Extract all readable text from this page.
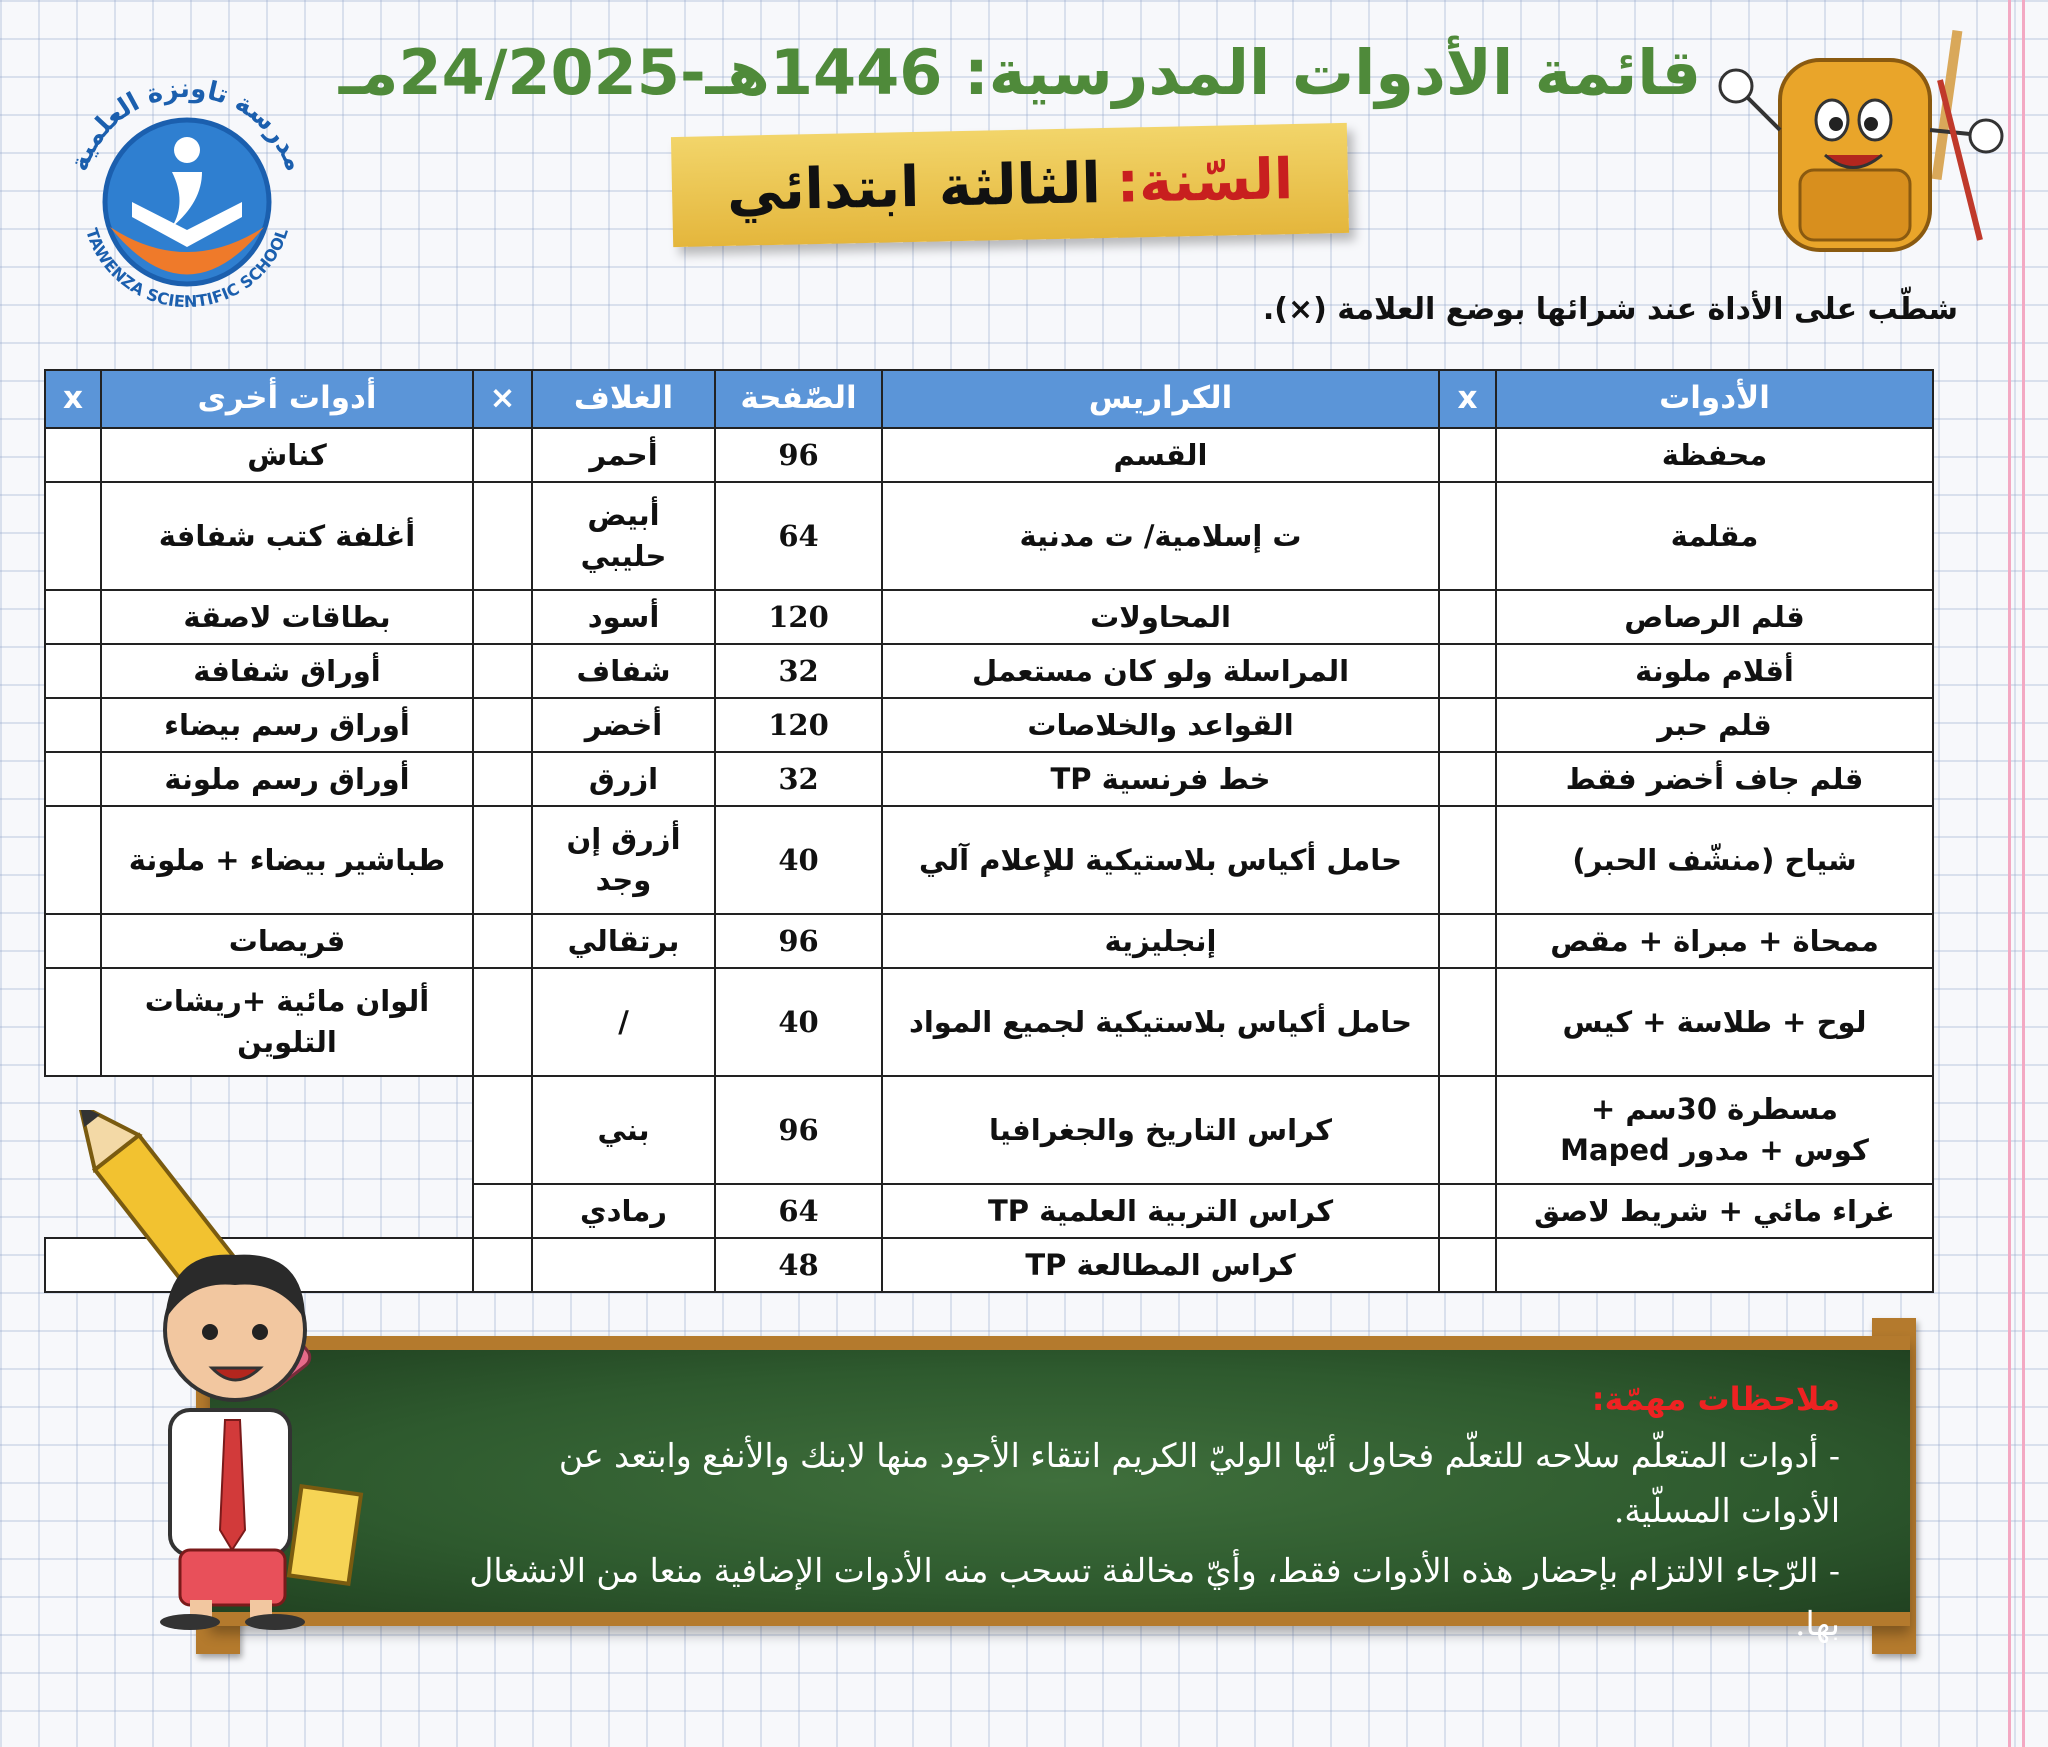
مدرسة تاونزة العلمية
TAWENZA SCIENTIFIC SCHOOL
قائمة الأدوات المدرسية: 1446هـ-24/2025مـ
السّنة:
الثالثة ابتدائي
شطّب على الأداة عند شرائها بوضع العلامة (×).
الأدوات	x	الكراريس	الصّفحة	الغلاف	×	أدوات أخرى	x
محفظة		القسم	96	أحمر		كناش	
مقلمة		ت إسلامية/ ت مدنية	64	أبيض حليبي		أغلفة كتب شفافة	
قلم الرصاص		المحاولات	120	أسود		بطاقات لاصقة	
أقلام ملونة		المراسلة ولو كان مستعمل	32	شفاف		أوراق شفافة	
قلم حبر		القواعد والخلاصات	120	أخضر		أوراق رسم بيضاء	
قلم جاف أخضر فقط		خط فرنسية TP	32	ازرق		أوراق رسم ملونة	
شياح (منشّف الحبر)		حامل أكياس بلاستيكية للإعلام آلي	40	أزرق إن وجد		طباشير بيضاء + ملونة	
ممحاة + مبراة + مقص		إنجليزية	96	برتقالي		قريصات	
لوح + طلاسة + كيس		حامل أكياس بلاستيكية لجميع المواد	40	/		ألوان مائية +ريشات التلوين	
مسطرة 30سم + كوس + مدور Maped		كراس التاريخ والجغرافيا	96	بني			
غراء مائي + شريط لاصق		كراس التربية العلمية TP	64	رمادي			
		كراس المطالعة TP	48				
ملاحظات مهمّة:
- أدوات المتعلّم سلاحه للتعلّم فحاول أيّها الوليّ الكريم انتقاء الأجود منها لابنك والأنفع وابتعد عن
الأدوات المسلّية.
- الرّجاء الالتزام بإحضار هذه الأدوات فقط، وأيّ مخالفة تسحب منه الأدوات الإضافية منعا من الانشغال بها.
